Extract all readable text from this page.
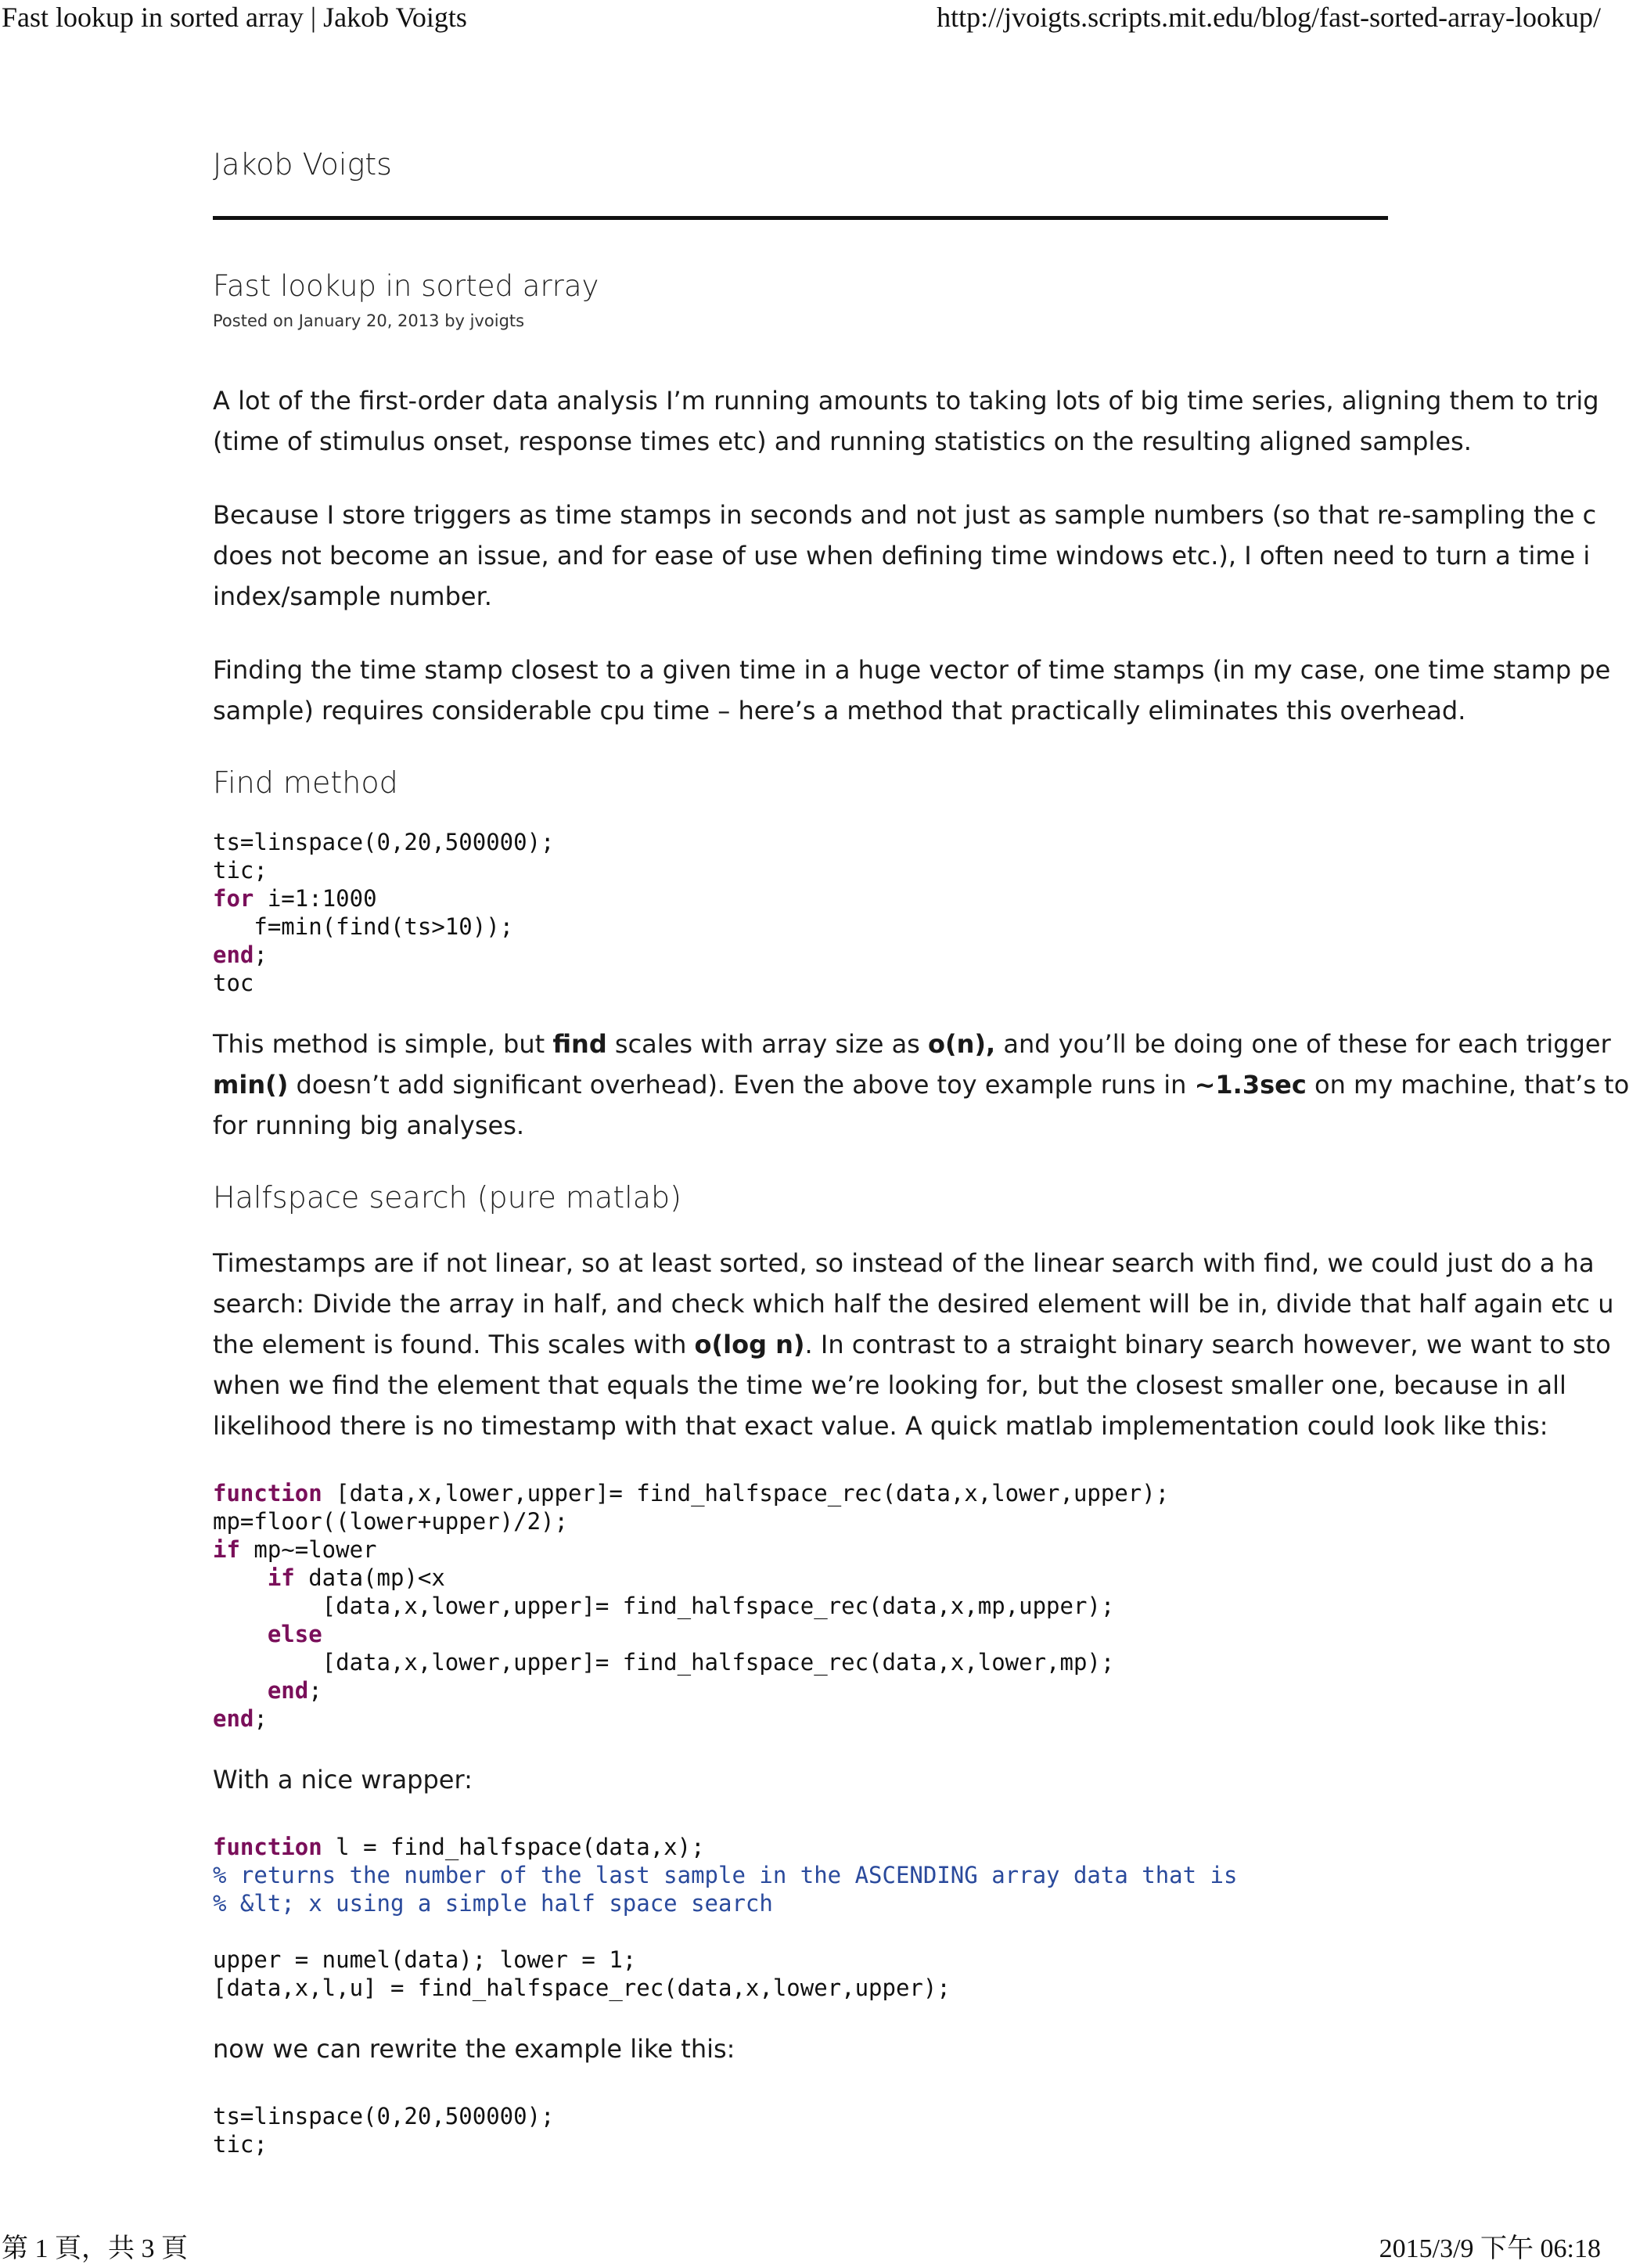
Fast lookup in sorted array | Jakob Voigts	http://jvoigts.scripts.mit.edu/blog/fast-sorted-array-lookup/
Jakob Voigts
Fast lookup in sorted array
Posted on January 20, 2013 by jvoigts

A lot of the first-order data analysis I’m running amounts to taking lots of big time series, aligning them to trig
(time of stimulus onset, response times etc) and running statistics on the resulting aligned samples.

Because I store triggers as time stamps in seconds and not just as sample numbers (so that re-sampling the c
does not become an issue, and for ease of use when defining time windows etc.), I often need to turn a time i
index/sample number.

Finding the time stamp closest to a given time in a huge vector of time stamps (in my case, one time stamp pe
sample) requires considerable cpu time – here’s a method that practically eliminates this overhead.

Find method
ts=linspace(0,20,500000);
tic;
for i=1:1000
f=min(find(ts>10));
end;
toc

This method is simple, but find scales with array size as o(n), and you’ll be doing one of these for each trigger
min() doesn’t add significant overhead). Even the above toy example runs in ~1.3sec on my machine, that’s to
for running big analyses.

Halfspace search (pure matlab)

Timestamps are if not linear, so at least sorted, so instead of the linear search with find, we could just do a ha
search: Divide the array in half, and check which half the desired element will be in, divide that half again etc u
the element is found. This scales with o(log n). In contrast to a straight binary search however, we want to sto
when we find the element that equals the time we’re looking for, but the closest smaller one, because in all
likelihood there is no timestamp with that exact value. A quick matlab implementation could look like this:

function [data,x,lower,upper]= find_halfspace_rec(data,x,lower,upper);
mp=floor((lower+upper)/2);
if mp~=lower
if data(mp)<x
[data,x,lower,upper]= find_halfspace_rec(data,x,mp,upper);
else
[data,x,lower,upper]= find_halfspace_rec(data,x,lower,mp);
end;
end;

With a nice wrapper:

function l = find_halfspace(data,x);
% returns the number of the last sample in the ASCENDING array data that is
% &lt; x using a simple half space search

upper = numel(data); lower = 1;
[data,x,l,u] = find_halfspace_rec(data,x,lower,upper);

now we can rewrite the example like this:

ts=linspace(0,20,500000);
tic;
第 1 頁，共 3 頁	2015/3/9 下午 06:18
